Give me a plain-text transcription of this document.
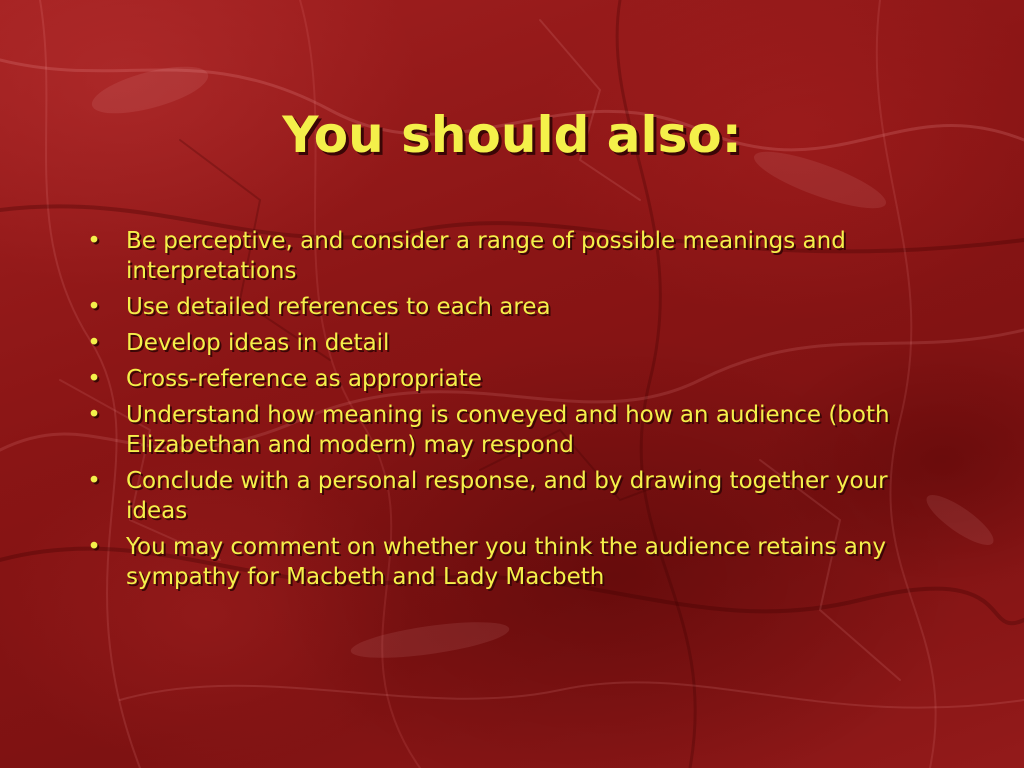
You should also:
• Be perceptive, and consider a range of possible meanings and interpretations
• Use detailed references to each area
• Develop ideas in detail
• Cross-reference as appropriate
• Understand how meaning is conveyed and how an audience (both Elizabethan and modern) may respond
• Conclude with a personal response, and by drawing together your ideas
• You may comment on whether you think the audience retains any sympathy for Macbeth and Lady Macbeth
